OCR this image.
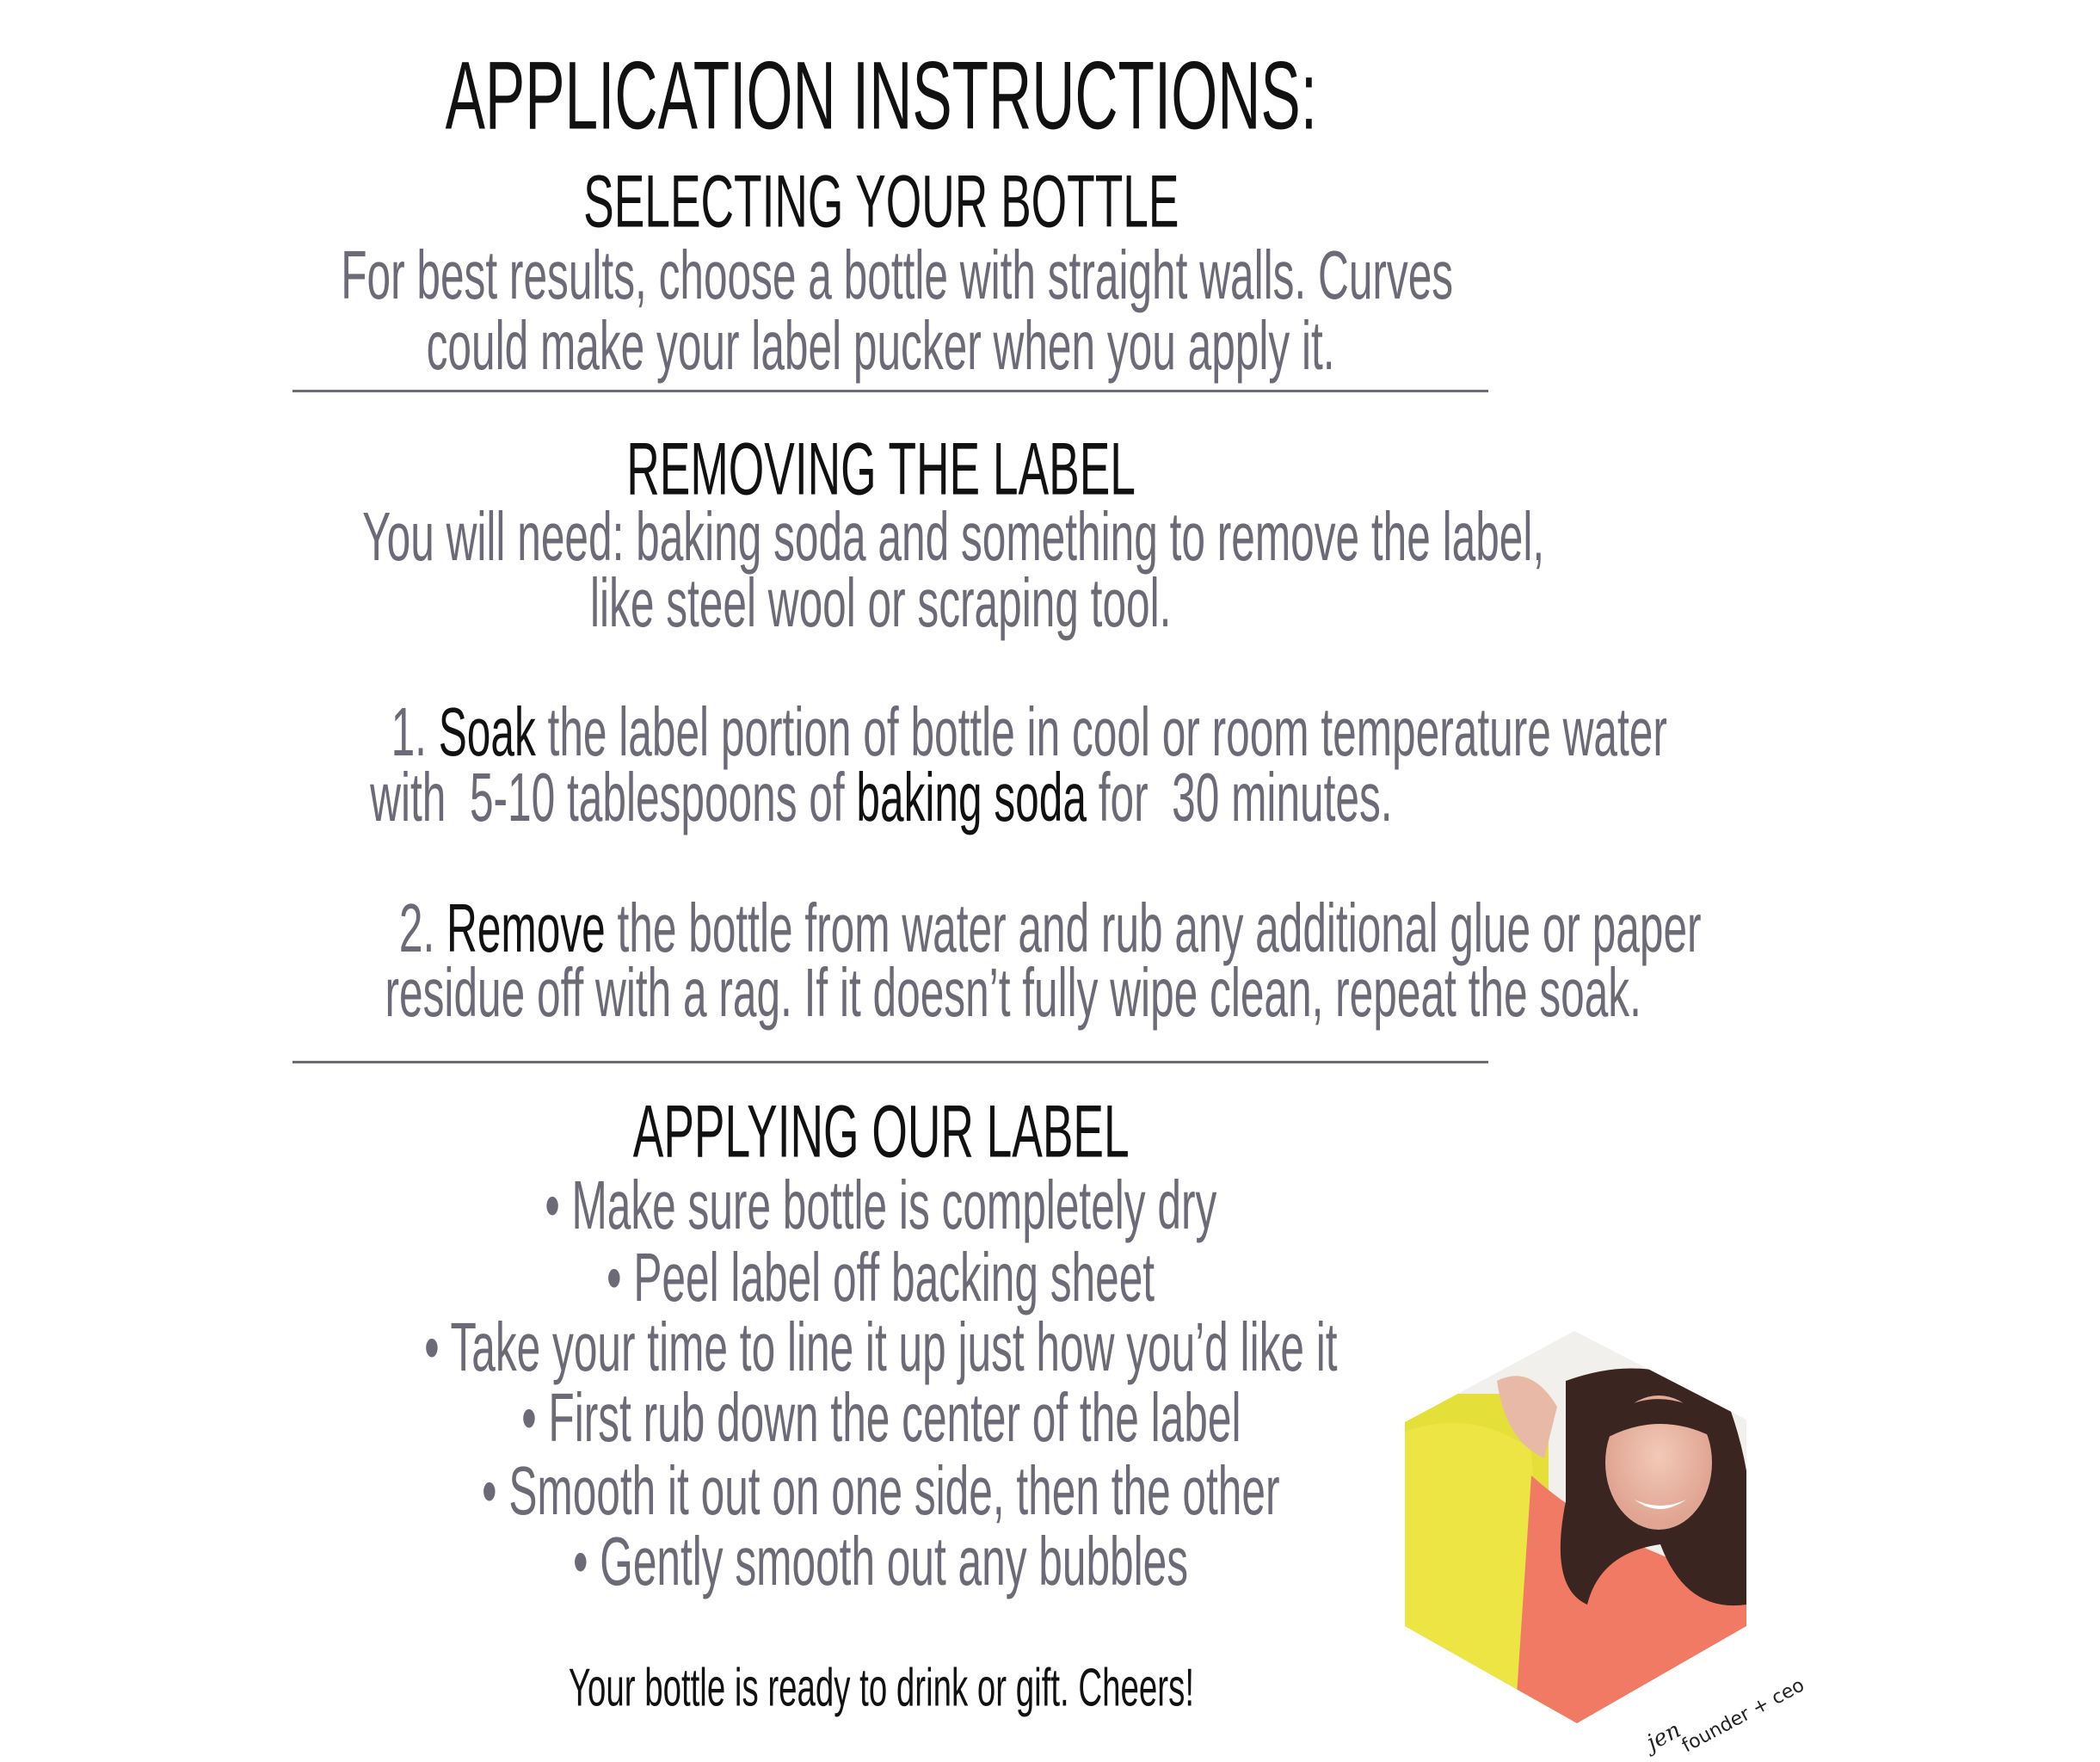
APPLICATION INSTRUCTIONS:
SELECTING YOUR BOTTLE
For best results, choose a bottle with straight walls. Curves
could make your label pucker when you apply it.
REMOVING THE LABEL
You will need: baking soda and something to remove the label,
like steel wool or scraping tool.
1. Soak the label portion of bottle in cool or room temperature water
with  5-10 tablespoons of baking soda for  30 minutes.
2. Remove the bottle from water and rub any additional glue or paper
residue off with a rag. If it doesn’t fully wipe clean, repeat the soak.
APPLYING OUR LABEL
• Make sure bottle is completely dry
• Peel label off backing sheet
• Take your time to line it up just how you’d like it
• First rub down the center of the label
• Smooth it out on one side, then the other
• Gently smooth out any bubbles
Your bottle is ready to drink or gift. Cheers!
jen
founder + ceo
